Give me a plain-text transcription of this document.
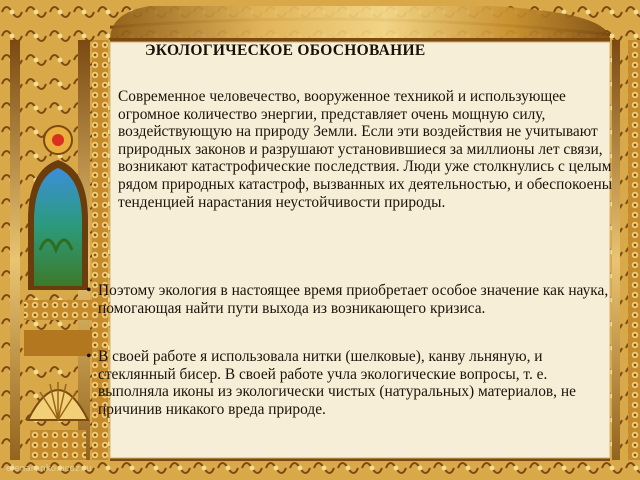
ЭКОЛОГИЧЕСКОЕ ОБОСНОВАНИЕ
Современное человечество, вооруженное техникой и использующее огромное количество энергии, представляет очень мощную силу, воздействующую на природу Земли. Если эти воздействия не учитывают природных законов и разрушают установившиеся за миллионы лет связи, возникают катастрофические последствия. Люди уже столкнулись с целым рядом природных катастроф, вызванных их деятельностью, и обеспокоены тенденцией нарастания неустойчивости природы.
• Поэтому экология в настоящее время приобретает особое значение как наука, помогающая найти пути выхода из возникающего кризиса.
• В своей работе я использовала нитки (шелковые), канву льняную, и стеклянный бисер. В своей работе учла экологические вопросы, т. е. выполняла иконы из экологически чистых (натуральных) материалов, не причинив никакого вреда природе.
elenaranko.ucoz.ru
